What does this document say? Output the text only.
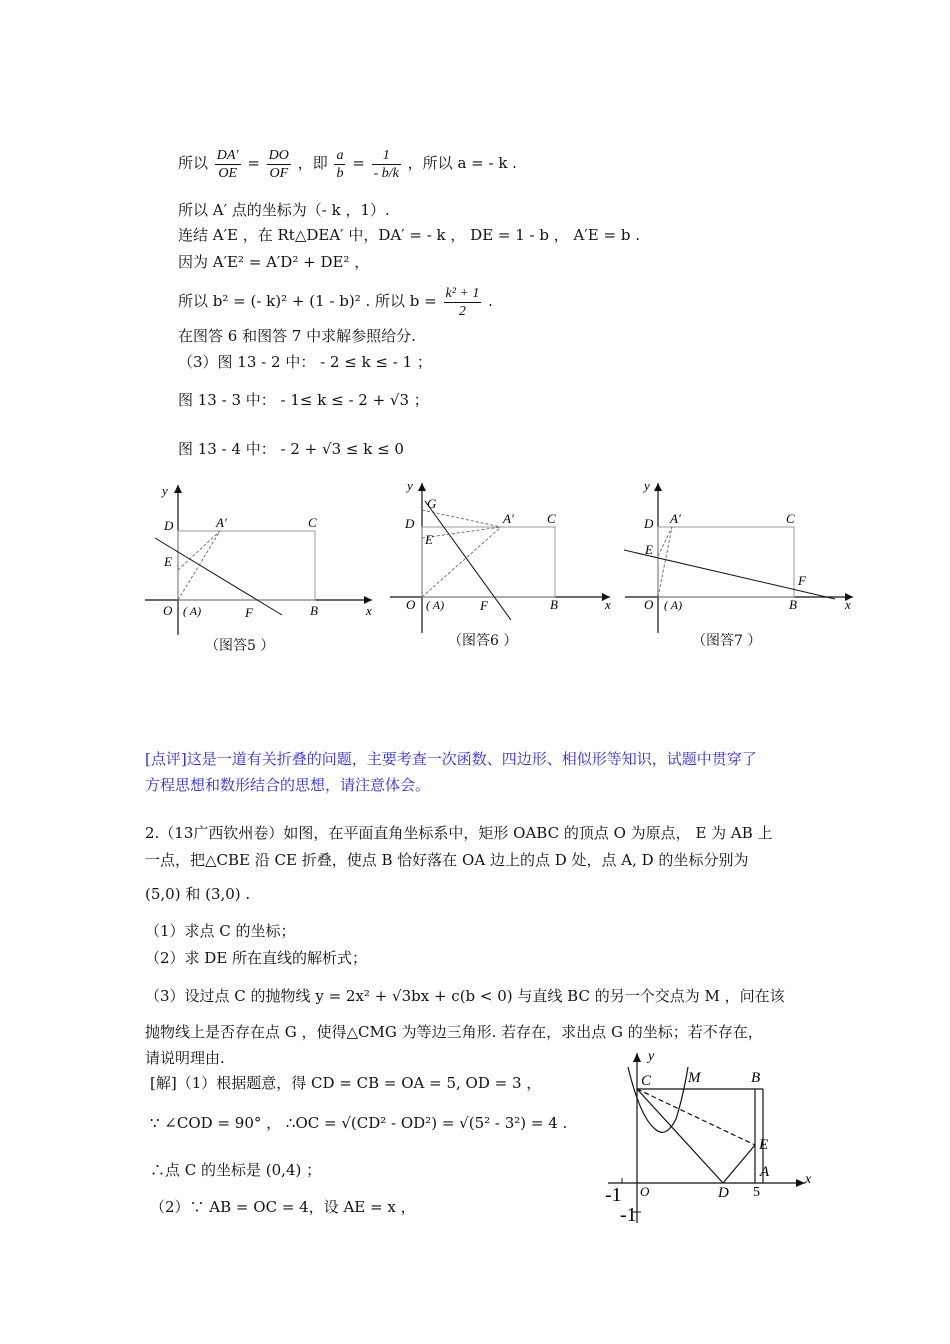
所以 $\frac{DA'}{OE} = \frac{DO}{OF}$ ，即 $\frac{a}{b} = \frac{1}{- b/k}$ ，所以 a = - k .
所以 A′ 点的坐标为（- k ，1）.
连结 A′E ，在 Rt△DEA′ 中，DA′ = - k ， DE = 1 - b ， A′E = b .
因为 A′E² = A′D² + DE² ，
所以 b² = (- k)² + (1 - b)² . 所以 $b = \frac{\text{k² + 1}}{2}$ .
在图答 6 和图答 7 中求解参照给分.
（3）图 13 - 2 中： - 2 ≤ k ≤ - 1 ；
图 13 - 3 中： - 1≤ k ≤ - 2 + √3 ；
图 13 - 4 中： - 2 + √3 ≤ k ≤ 0
y
x
D	A′	C
E
O ( A)	F	B
（图答5 ）
y
x
G
D	A′	C
E
O ( A)	F	B
（图答6 ）
y
x
D A′	C
E
F
O ( A)	B
（图答7 ）
[点评]这是一道有关折叠的问题，主要考查一次函数、四边形、相似形等知识，试题中贯穿了
方程思想和数形结合的思想，请注意体会。
2.（13广西钦州卷）如图，在平面直角坐标系中，矩形 OABC 的顶点 O 为原点， E 为 AB 上
一点，把△CBE 沿 CE 折叠，使点 B 恰好落在 OA 边上的点 D 处，点 A, D 的坐标分别为
(5,0) 和 (3,0) .
（1）求点 C 的坐标；
（2）求 DE 所在直线的解析式；
（3）设过点 C 的抛物线 y = 2x² + √3bx + c(b < 0) 与直线 BC 的另一个交点为 M ，问在该
抛物线上是否存在点 G ，使得△CMG 为等边三角形. 若存在，求出点 G 的坐标；若不存在，
请说明理由.
[解]（1）根据题意，得 CD = CB = OA = 5, OD = 3 ，
∵ ∠COD = 90° ， ∴OC = √(CD² - OD²) = √(5² - 3²) = 4 .
∴点 C 的坐标是 (0,4) ；
（2）∵ AB = OC = 4，设 AE = x ，
y
x
C M	B
E
A
O	D 5
-1
-1
